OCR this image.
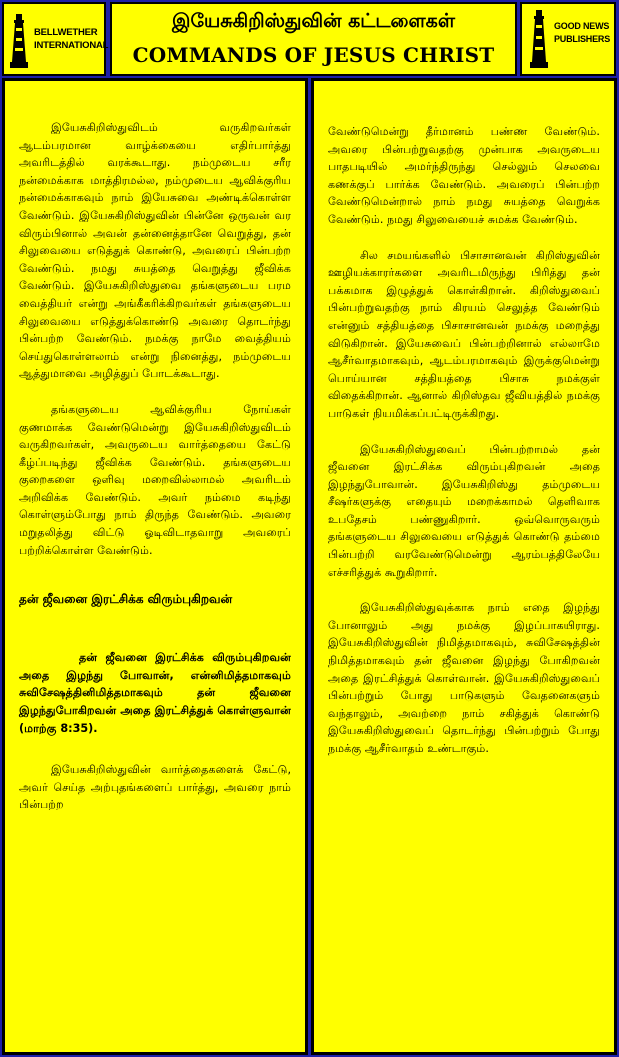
BELLWETHER
INTERNATIONAL
இயேசுகிறிஸ்துவின் கட்டளைகள்
COMMANDS OF JESUS CHRIST
GOOD NEWS
PUBLISHERS

இயேசுகிறிஸ்துவிடம் வருகிறவர்கள் ஆடம்பரமான வாழ்க்கையை எதிர்பார்த்து அவரிடத்தில் வரக்கூடாது. நம்முடைய சரீர நன்மைக்காக மாத்திரமல்ல, நம்முடைய ஆவிக்குரிய நன்மைக்காகவும் நாம் இயேசுவை அண்டிக்கொள்ள வேண்டும். இயேசுகிறிஸ்துவின் பின்னே ஒருவன் வர விரும்பினால் அவன் தன்னைத்தானே வெறுத்து, தன் சிலுவையை எடுத்துக் கொண்டு, அவரைப் பின்பற்ற வேண்டும். நமது சுயத்தை வெறுத்து ஜீவிக்க வேண்டும். இயேசுகிறிஸ்துவை தங்களுடைய பரம வைத்தியர் என்று அங்கீகரிக்கிறவர்கள் தங்களுடைய சிலுவையை எடுத்துக்கொண்டு அவரை தொடர்ந்து பின்பற்ற வேண்டும். நமக்கு நாமே வைத்தியம் செய்துகொள்ளலாம் என்று நினைத்து, நம்முடைய ஆத்துமாவை அழித்துப் போடக்கூடாது.

தங்களுடைய ஆவிக்குரிய நோய்கள் குணமாக்க வேண்டுமென்று இயேசுகிறிஸ்துவிடம் வருகிறவர்கள், அவருடைய வார்த்தையை கேட்டு கீழ்ப்படிந்து ஜீவிக்க வேண்டும். தங்களுடைய குறைகளை ஒளிவு மறைவில்லாமல் அவரிடம் அறிவிக்க வேண்டும். அவர் நம்மை கடிந்து கொள்ளும்போது நாம் திருந்த வேண்டும். அவரை மறுதலித்து விட்டு ஓடிவிடாதவாறு அவரைப் பற்றிக்கொள்ள வேண்டும்.

தன் ஜீவனை இரட்சிக்க விரும்புகிறவன்
தன் ஜீவனை இரட்சிக்க விரும்புகிறவன் அதை இழந்து போவான், என்னிமித்தமாகவும் சுவிசேஷத்தினிமித்தமாகவும் தன் ஜீவனை இழந்துபோகிறவன் அதை இரட்சித்துக் கொள்ளுவான் (மாற்கு 8:35).

இயேசுகிறிஸ்துவின் வார்த்தைகளைக் கேட்டு, அவர் செய்த அற்புதங்களைப் பார்த்து, அவரை நாம் பின்பற்ற

வேண்டுமென்று தீர்மானம் பண்ண வேண்டும். அவரை பின்பற்றுவதற்கு முன்பாக அவருடைய பாதபடியில் அமர்ந்திருந்து செல்லும் செலவை கணக்குப் பார்க்க வேண்டும். அவரைப் பின்பற்ற வேண்டுமென்றால் நாம் நமது சுயத்தை வெறுக்க வேண்டும். நமது சிலுவையைச் சுமக்க வேண்டும்.

சில சமயங்களில் பிசாசானவன் கிறிஸ்துவின் ஊழியக்காரர்களை அவரிடமிருந்து பிரித்து தன் பக்கமாக இழுத்துக் கொள்கிறான். கிறிஸ்துவைப் பின்பற்றுவதற்கு நாம் கிரயம் செலுத்த வேண்டும் என்னும் சத்தியத்தை பிசாசானவன் நமக்கு மறைத்து விடுகிறான். இயேசுவைப் பின்பற்றினால் எல்லாமே ஆசீர்வாதமாகவும், ஆடம்பரமாகவும் இருக்குமென்று பொய்யான சத்தியத்தை பிசாசு நமக்குள் விதைக்கிறான். ஆனால் கிறிஸ்தவ ஜீவியத்தில் நமக்கு பாடுகள் நியமிக்கப்பட்டிருக்கிறது.

இயேசுகிறிஸ்துவைப் பின்பற்றாமல் தன் ஜீவனை இரட்சிக்க விரும்புகிறவன் அதை இழந்துபோவான். இயேசுகிறிஸ்து தம்முடைய சீஷர்களுக்கு எதையும் மறைக்காமல் தெளிவாக உபதேசம் பண்ணுகிறார். ஒவ்வொருவரும் தங்களுடைய சிலுவையை எடுத்துக் கொண்டு தம்மை பின்பற்றி வரவேண்டுமென்று ஆரம்பத்திலேயே எச்சரித்துக் கூறுகிறார்.

இயேசுகிறிஸ்துவுக்காக நாம் எதை இழந்து போனாலும் அது நமக்கு இழப்பாகயிராது. இயேசுகிறிஸ்துவின் நிமித்தமாகவும், சுவிசேஷத்தின் நிமித்தமாகவும் தன் ஜீவனை இழந்து போகிறவன் அதை இரட்சித்துக் கொள்வான். இயேசுகிறிஸ்துவைப் பின்பற்றும் போது பாடுகளும் வேதனைகளும் வந்தாலும், அவற்றை நாம் சகித்துக் கொண்டு இயேசுகிறிஸ்துவைப் தொடர்ந்து பின்பற்றும் போது நமக்கு ஆசீர்வாதம் உண்டாகும்.
